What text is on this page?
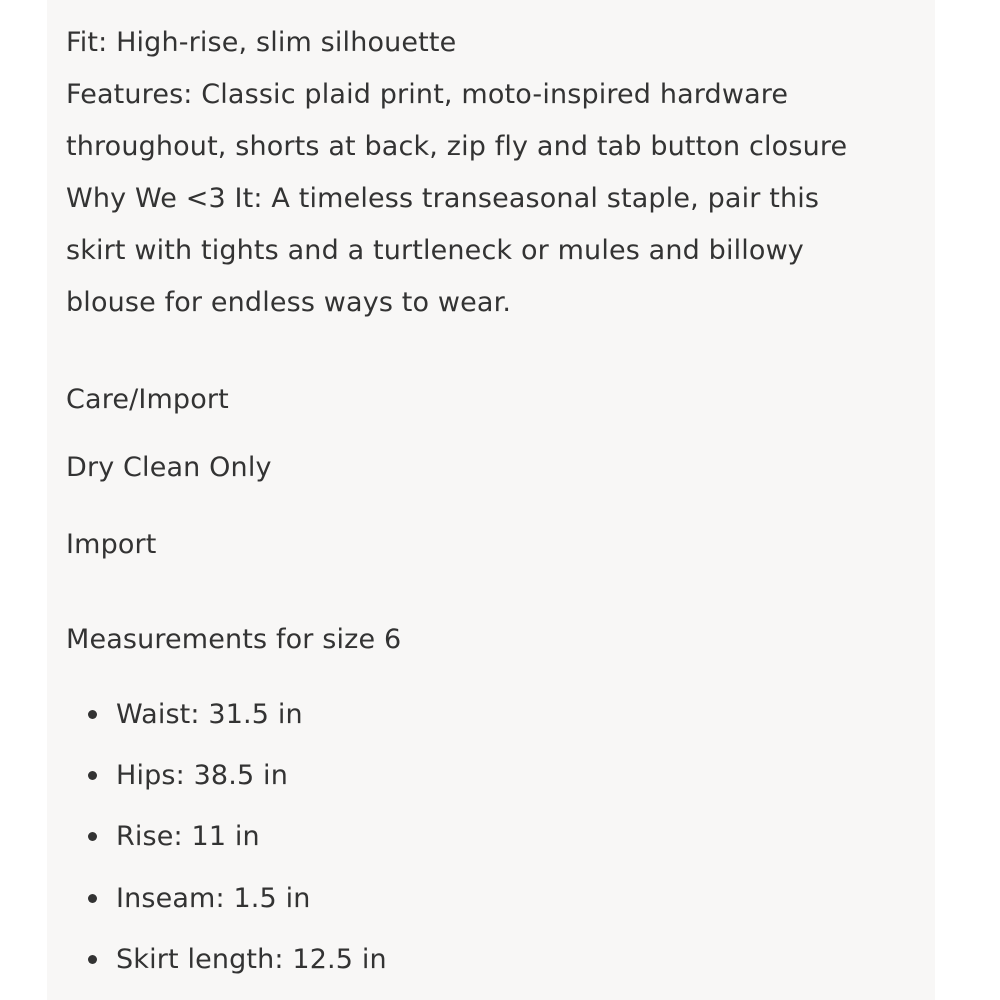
Fit: High-rise, slim silhouette
Features: Classic plaid print, moto-inspired hardware
throughout, shorts at back, zip fly and tab button closure
Why We <3 It: A timeless transeasonal staple, pair this
skirt with tights and a turtleneck or mules and billowy
blouse for endless ways to wear.
Care/Import
Dry Clean Only
Import
Measurements for size 6
Waist: 31.5 in
Hips: 38.5 in
Rise: 11 in
Inseam: 1.5 in
Skirt length: 12.5 in
